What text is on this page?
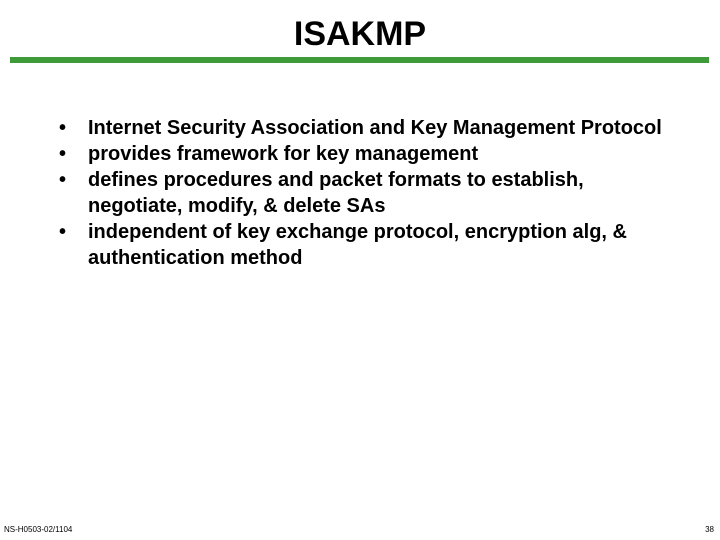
ISAKMP
•	Internet Security Association and Key Management Protocol
•	provides framework for key management
•	defines procedures and packet formats to establish, negotiate, modify, & delete SAs
•	independent of key exchange protocol, encryption alg, & authentication method
NS-H0503-02/1104	38
